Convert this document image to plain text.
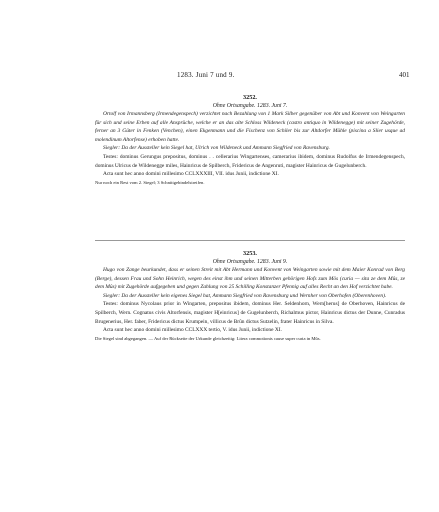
1283. Juni 7 und 9.	401
3252.
Ohne Ortsangabe. 1283. Juni 7.

Ortolf von Irmannsberg (Irmendegenspech) verzichtet nach Bezahlung von 1 Mark Silber gegenüber von Abt und Konvent von Weingarten für sich und seine Erben auf alle Ansprüche, welche er an das alte Schloss Wildeneck (castro antiquo in Wildenegge) mit seiner Zugehörde, ferner an 3 Güter in Fenken (Venchen), einen Ekgenmann und die Fischenz von Schiler bis zur Altdorfer Mühle (piscina a Slier usque ad molendinum Altorfense) erhoben hatte.

Siegler: Da der Aussteller kein Siegel hat, Ulrich von Wildeneck und Ammann Siegfried von Ravensburg.

Testes: dominus Gerungus prepositus, dominus . . cellerarius Wingartenses, camerarius ibidem, dominus Rudolfus de Irmendegenspech, dominus Ulricus de Wildenegge miles, Hainricus de Spilberch, Fridericus de Angenruti, magister Hainricus de Gugelunberch.

Acta sunt hec anno domini millesimo CCLXXXIII, VII. idus Junii, indictione XI.

Nur noch ein Rest vom 2. Siegel; 3 Schnittgebindelstreifen.

3253.
Ohne Ortsangabe. 1283. Juni 9.

Hugo von Zange beurkundet, dass er seinen Streit mit Abt Hermann und Konvent von Weingarten sowie mit dem Maier Konrad von Berg (Berge), dessen Frau und Sohn Heinrich, wegen des einst ihm und seinen Mitterben gehörigen Hofs zum Mös (curia — sita ze dem Mûs, ze dem Mûs) mit Zugehörde aufgegeben und gegen Zahlung von 25 Schilling Konstanzer Pfennig auf alles Recht an den Hof verzichtet habe.

Siegler: Da der Aussteller kein eigenes Siegel hat, Ammann Siegfried von Ravensburg und Wernher von Oberhofen (Oberenhoven).

Testes: dominus Nycolaus prior in Wingarten, prepositus ibidem, dominus Her. Seldenhorn, Wern[herus] de Oberhoven, Hainricus de Spilberch, Wern. Cognatus civis Altorfensis, magister H[einricus] de Gugelunberch, Richalmus pictor, Hainricus dictus der Dunne, Cunradus Brugenerius, Her. faber, Fridericus dictus Krumpein, villicus de Brûn dictus Sutzelin, frater Hainricus in Silva.

Acta sunt hec anno domini millesimo CCLXXX tertio, V. idus Junii, indictione XI.

Die Siegel sind abgegangen. — Auf der Rückseite der Urkunde gleichzeitig: Litera commotionis cause super curia in Mûs.
